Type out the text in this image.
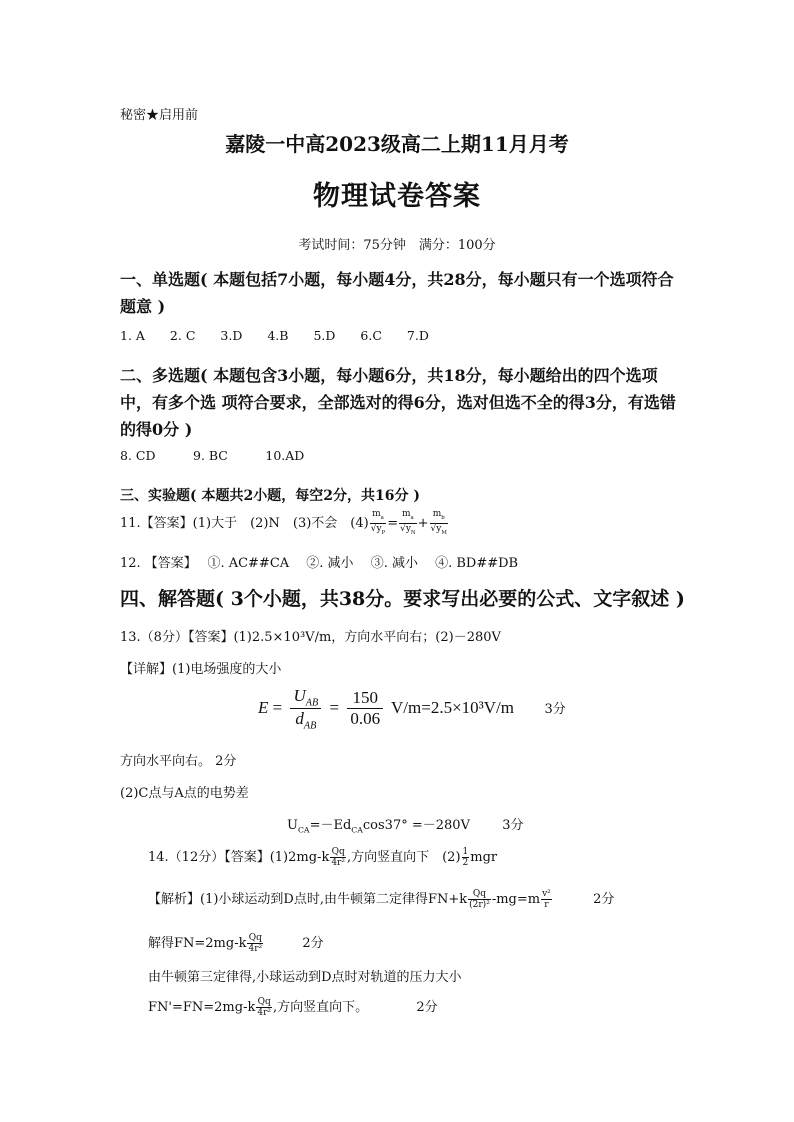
秘密★启用前
嘉陵一中高2023级高二上期11月月考
物理试卷答案
考试时间：75分钟　满分：100分
一、单选题( 本题包括7小题，每小题4分，共28分，每小题只有一个选项符合题意 )
1. A　　2. C　　3.D　　4.B　　5.D　　6.C　　7.D
二、多选题( 本题包含3小题，每小题6分，共18分，每小题给出的四个选项中，有多个选 项符合要求，全部选对的得6分，选对但选不全的得3分，有选错的得0分 )
8. CD　　　9. BC　　　10.AD
三、实验题( 本题共2小题，每空2分，共16分 )
11.【答案】(1)大于　(2)N　(3)不会　$(4) \frac{m_a}{√y_P} = \frac{m_a}{√y_N} + \frac{m_b}{√y_M}$
12. 【答案】　 ①. AC##CA　 ②. 减小　 ③. 减小　 ④. BD##DB
四、解答题( 3个小题，共38分。要求写出必要的公式、文字叙述 )
13.（8分）【答案】(1)2.5×10³V/m，方向水平向右；(2)－280V
【详解】(1)电场强度的大小
E =
$U_{AB}$
$d_{AB}$
= $\frac{150}{0.06} V/m=2.5\times 10^3V/m$ 3分
方向水平向右。 2分
(2)C点与A点的电势差
$U_{CA}=-Ed_{CA}\cos 37^\circ =-280V$ 3分
14.（12分）【答案】$(1)2mg-k \frac{Qq}{\text{4r²}}$ ,方向竖直向下　$(2) \frac{1}{2}$ mgr
【解析】(1)小球运动到D点时,由牛顿第二定律得$FN+k \frac{Qq}{\text{(2r)²}} -mg=m \frac{\text{v²}}{r}$	2分
解得$FN=2mg-k \frac{Qq}{\text{4r²}}$	2分
由牛顿第三定律得,小球运动到D点时对轨道的压力大小
$FN'=FN=2mg-k \frac{Qq}{\text{4r²}}$ ,方向竖直向下。	2分
